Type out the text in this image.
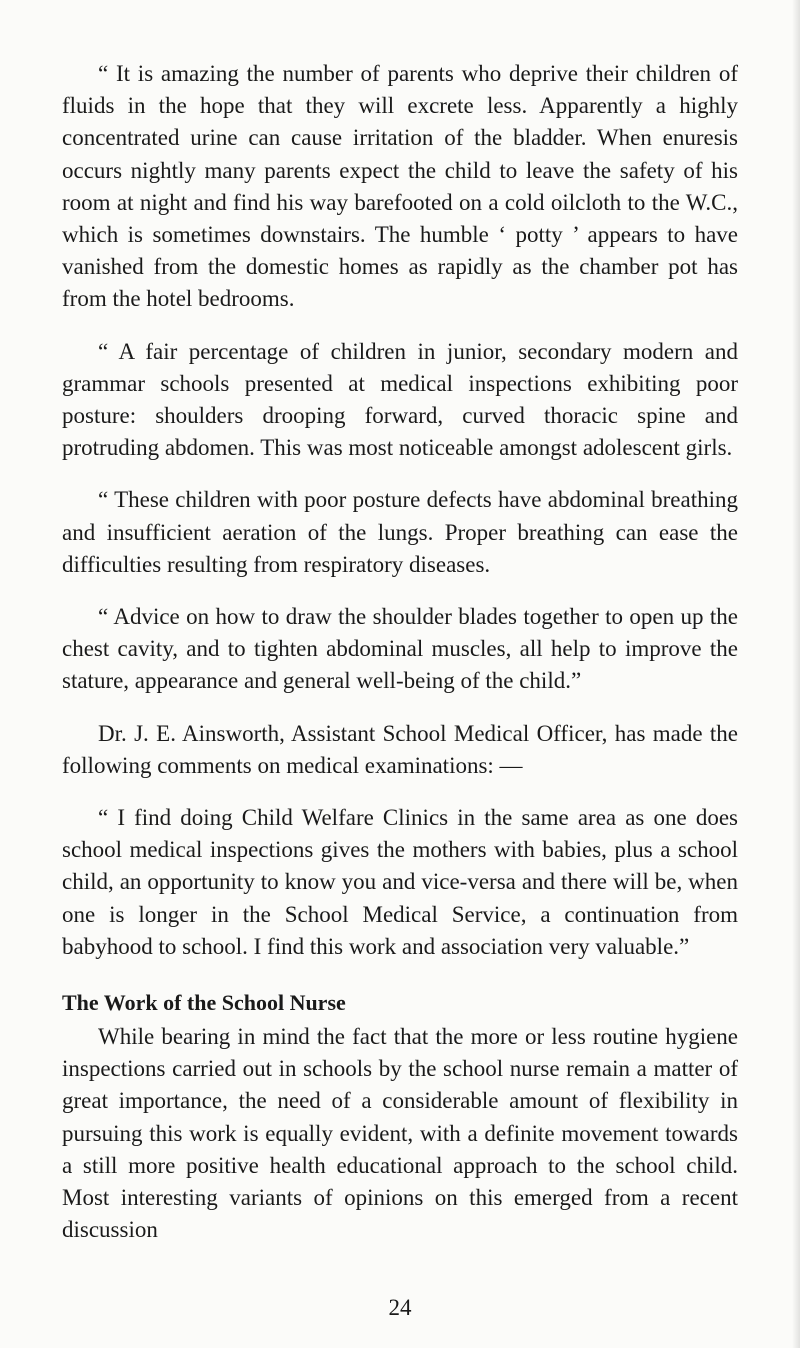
“ It is amazing the number of parents who deprive their children of fluids in the hope that they will excrete less. Apparently a highly concentrated urine can cause irritation of the bladder. When enuresis occurs nightly many parents expect the child to leave the safety of his room at night and find his way barefooted on a cold oilcloth to the W.C., which is sometimes downstairs. The humble ‘ potty ’ appears to have vanished from the domestic homes as rapidly as the chamber pot has from the hotel bedrooms.

“ A fair percentage of children in junior, secondary modern and grammar schools presented at medical inspections exhibiting poor posture: shoulders drooping forward, curved thoracic spine and protruding abdomen. This was most noticeable amongst adolescent girls.

“ These children with poor posture defects have abdominal breathing and insufficient aeration of the lungs. Proper breathing can ease the difficulties resulting from respiratory diseases.

“ Advice on how to draw the shoulder blades together to open up the chest cavity, and to tighten abdominal muscles, all help to improve the stature, appearance and general well-being of the child.”

Dr. J. E. Ainsworth, Assistant School Medical Officer, has made the following comments on medical examinations: —

“ I find doing Child Welfare Clinics in the same area as one does school medical inspections gives the mothers with babies, plus a school child, an opportunity to know you and vice-versa and there will be, when one is longer in the School Medical Service, a continuation from babyhood to school. I find this work and association very valuable.”

The Work of the School Nurse

While bearing in mind the fact that the more or less routine hygiene inspections carried out in schools by the school nurse remain a matter of great importance, the need of a considerable amount of flexibility in pursuing this work is equally evident, with a definite movement towards a still more positive health educational approach to the school child. Most interesting variants of opinions on this emerged from a recent discussion

24
